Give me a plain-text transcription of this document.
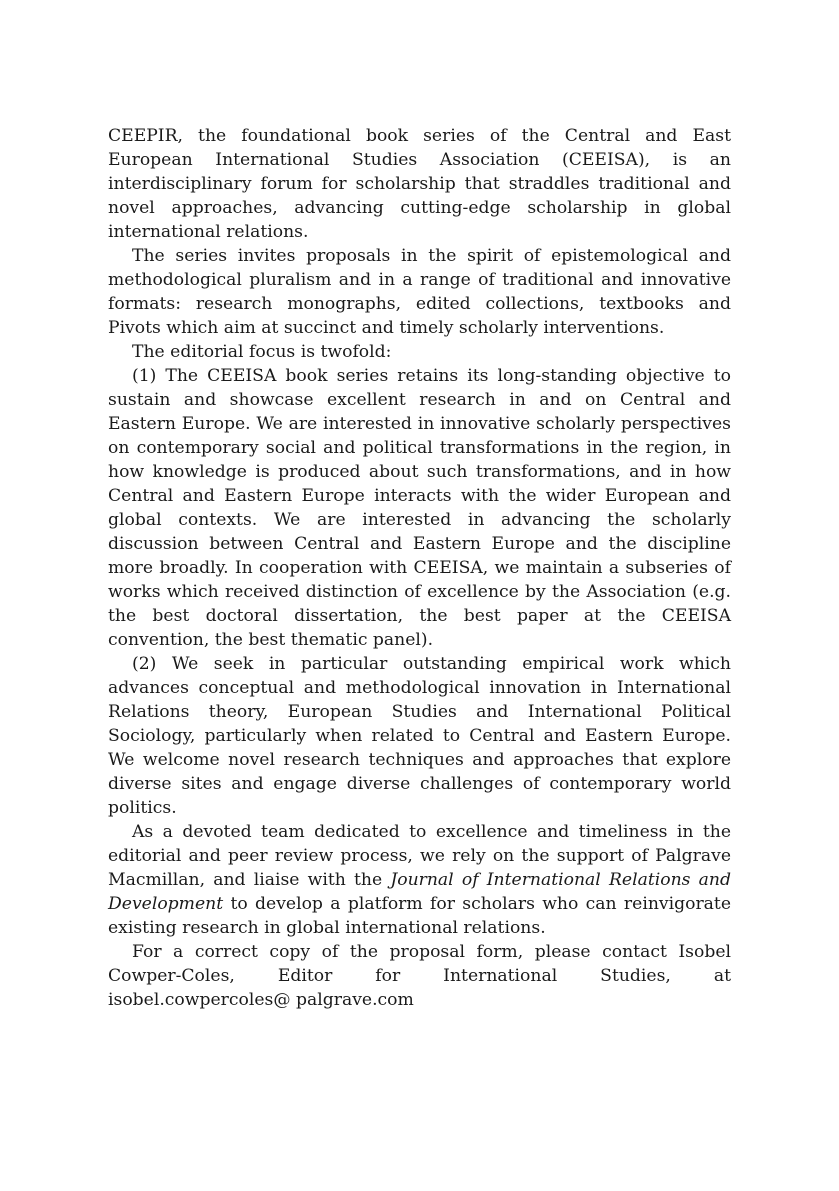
CEEPIR, the foundational book series of the Central and East European International Studies Association (CEEISA), is an interdisciplinary forum for scholarship that straddles traditional and novel approaches, advancing cutting-edge scholarship in global international relations.

The series invites proposals in the spirit of epistemological and methodological pluralism and in a range of traditional and innovative formats: research monographs, edited collections, textbooks and Pivots which aim at succinct and timely scholarly interventions.

The editorial focus is twofold:

(1) The CEEISA book series retains its long-standing objective to sustain and showcase excellent research in and on Central and Eastern Europe. We are interested in innovative scholarly perspectives on contemporary social and political transformations in the region, in how knowledge is produced about such transformations, and in how Central and Eastern Europe interacts with the wider European and global contexts. We are interested in advancing the scholarly discussion between Central and Eastern Europe and the discipline more broadly. In cooperation with CEEISA, we maintain a subseries of works which received distinction of excellence by the Association (e.g. the best doctoral dissertation, the best paper at the CEEISA convention, the best thematic panel).

(2) We seek in particular outstanding empirical work which advances conceptual and methodological innovation in International Relations theory, European Studies and International Political Sociology, particularly when related to Central and Eastern Europe. We welcome novel research techniques and approaches that explore diverse sites and engage diverse challenges of contemporary world politics.

As a devoted team dedicated to excellence and timeliness in the editorial and peer review process, we rely on the support of Palgrave Macmillan, and liaise with the Journal of International Relations and Development to develop a platform for scholars who can reinvigorate existing research in global international relations.

For a correct copy of the proposal form, please contact Isobel Cowper-Coles, Editor for International Studies, at isobel.cowpercoles@ palgrave.com
